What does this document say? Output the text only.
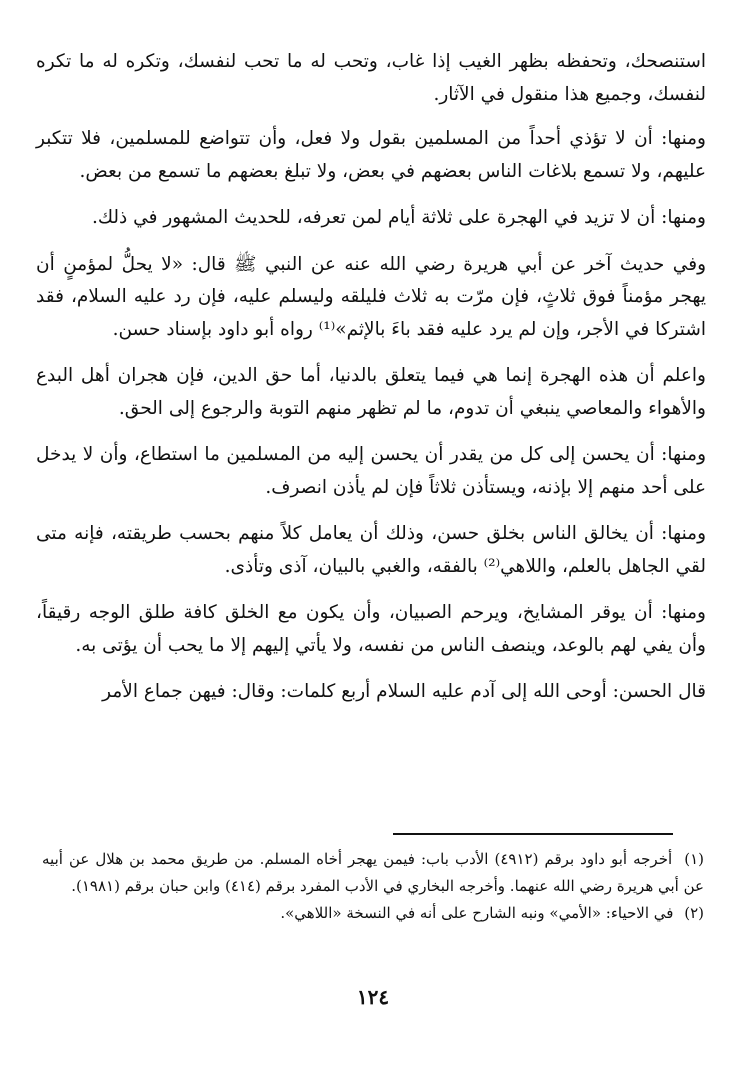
استنصحك، وتحفظه بظهر الغيب إذا غاب، وتحب له ما تحب لنفسك، وتكره له ما تكره لنفسك، وجميع هذا منقول في الآثار.

ومنها: أن لا تؤذي أحداً من المسلمين بقول ولا فعل، وأن تتواضع للمسلمين، فلا تتكبر عليهم، ولا تسمع بلاغات الناس بعضهم في بعض، ولا تبلغ بعضهم ما تسمع من بعض.

ومنها: أن لا تزيد في الهجرة على ثلاثة أيام لمن تعرفه، للحديث المشهور في ذلك.

وفي حديث آخر عن أبي هريرة رضي الله عنه عن النبي ﷺ قال: «لا يحلُّ لمؤمنٍ أن يهجر مؤمناً فوق ثلاثٍ، فإن مرّت به ثلاث فليلقه وليسلم عليه، فإن رد عليه السلام، فقد اشتركا في الأجر، وإن لم يرد عليه فقد باءَ بالإثم»⁽¹⁾ رواه أبو داود بإسناد حسن.

واعلم أن هذه الهجرة إنما هي فيما يتعلق بالدنيا، أما حق الدين، فإن هجران أهل البدع والأهواء والمعاصي ينبغي أن تدوم، ما لم تظهر منهم التوبة والرجوع إلى الحق.

ومنها: أن يحسن إلى كل من يقدر أن يحسن إليه من المسلمين ما استطاع، وأن لا يدخل على أحد منهم إلا بإذنه، ويستأذن ثلاثاً فإن لم يأذن انصرف.

ومنها: أن يخالق الناس بخلق حسن، وذلك أن يعامل كلاً منهم بحسب طريقته، فإنه متى لقي الجاهل بالعلم، واللاهي⁽²⁾ بالفقه، والغبي بالبيان، آذى وتأذى.

ومنها: أن يوقر المشايخ، ويرحم الصبيان، وأن يكون مع الخلق كافة طلق الوجه رقيقاً، وأن يفي لهم بالوعد، وينصف الناس من نفسه، ولا يأتي إليهم إلا ما يحب أن يؤتى به.

قال الحسن: أوحى الله إلى آدم عليه السلام أربع كلمات: وقال: فيهن جماع الأمر

(١) أخرجه أبو داود برقم (٤٩١٢) الأدب باب: فيمن يهجر أخاه المسلم. من طريق محمد بن هلال عن أبيه عن أبي هريرة رضي الله عنهما. وأخرجه البخاري في الأدب المفرد برقم (٤١٤) وابن حبان برقم (١٩٨١).

(٢) في الاحياء: «الأمي» ونبه الشارح على أنه في النسخة «اللاهي».

١٢٤
